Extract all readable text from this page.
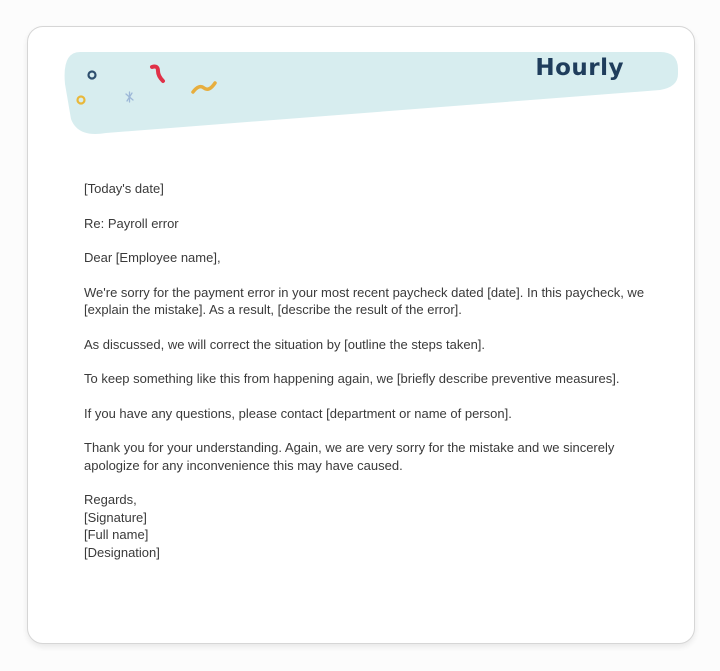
Hourly

[Today's date]

Re: Payroll error

Dear [Employee name],

We're sorry for the payment error in your most recent paycheck dated [date]. In this paycheck, we [explain the mistake]. As a result, [describe the result of the error].

As discussed, we will correct the situation by [outline the steps taken].

To keep something like this from happening again, we [briefly describe preventive measures].

If you have any questions, please contact [department or name of person].

Thank you for your understanding. Again, we are very sorry for the mistake and we sincerely apologize for any inconvenience this may have caused.

Regards,
[Signature]
[Full name]
[Designation]
